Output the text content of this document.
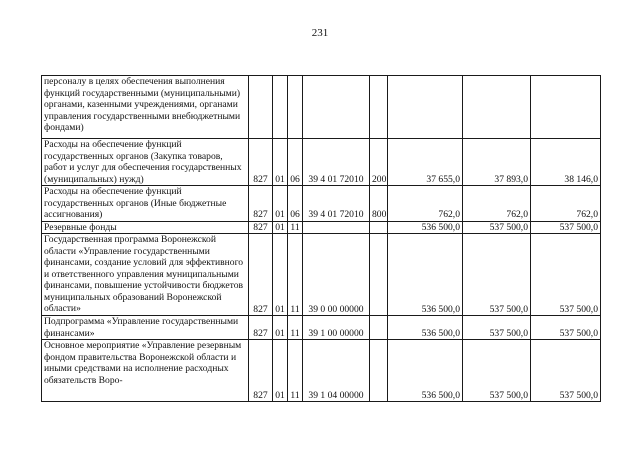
231
персоналу в целях обеспечения выполнения функций государственными (муниципальными) органами, казенными учреждениями, органами управления государственными внебюджетными фондами)								
Расходы на обеспечение функций государственных органов (Закупка товаров, работ и услуг для обеспечения государственных (муниципальных) нужд)	827	01	06	39 4 01 72010	200	37 655,0	37 893,0	38 146,0
Расходы на обеспечение функций государственных органов (Иные бюджетные ассигнования)	827	01	06	39 4 01 72010	800	762,0	762,0	762,0
Резервные фонды	827	01	11			536 500,0	537 500,0	537 500,0
Государственная программа Воронежской области «Управление государственными финансами, создание условий для эффективного и ответственного управления муниципальными финансами, повышение устойчивости бюджетов муниципальных образований Воронежской области»	827	01	11	39 0 00 00000		536 500,0	537 500,0	537 500,0
Подпрограмма «Управление государственными финансами»	827	01	11	39 1 00 00000		536 500,0	537 500,0	537 500,0
Основное мероприятие «Управление резервным фондом правительства Воронежской области и иными средствами на исполнение расходных обязательств Воро-	827	01	11	39 1 04 00000		536 500,0	537 500,0	537 500,0
